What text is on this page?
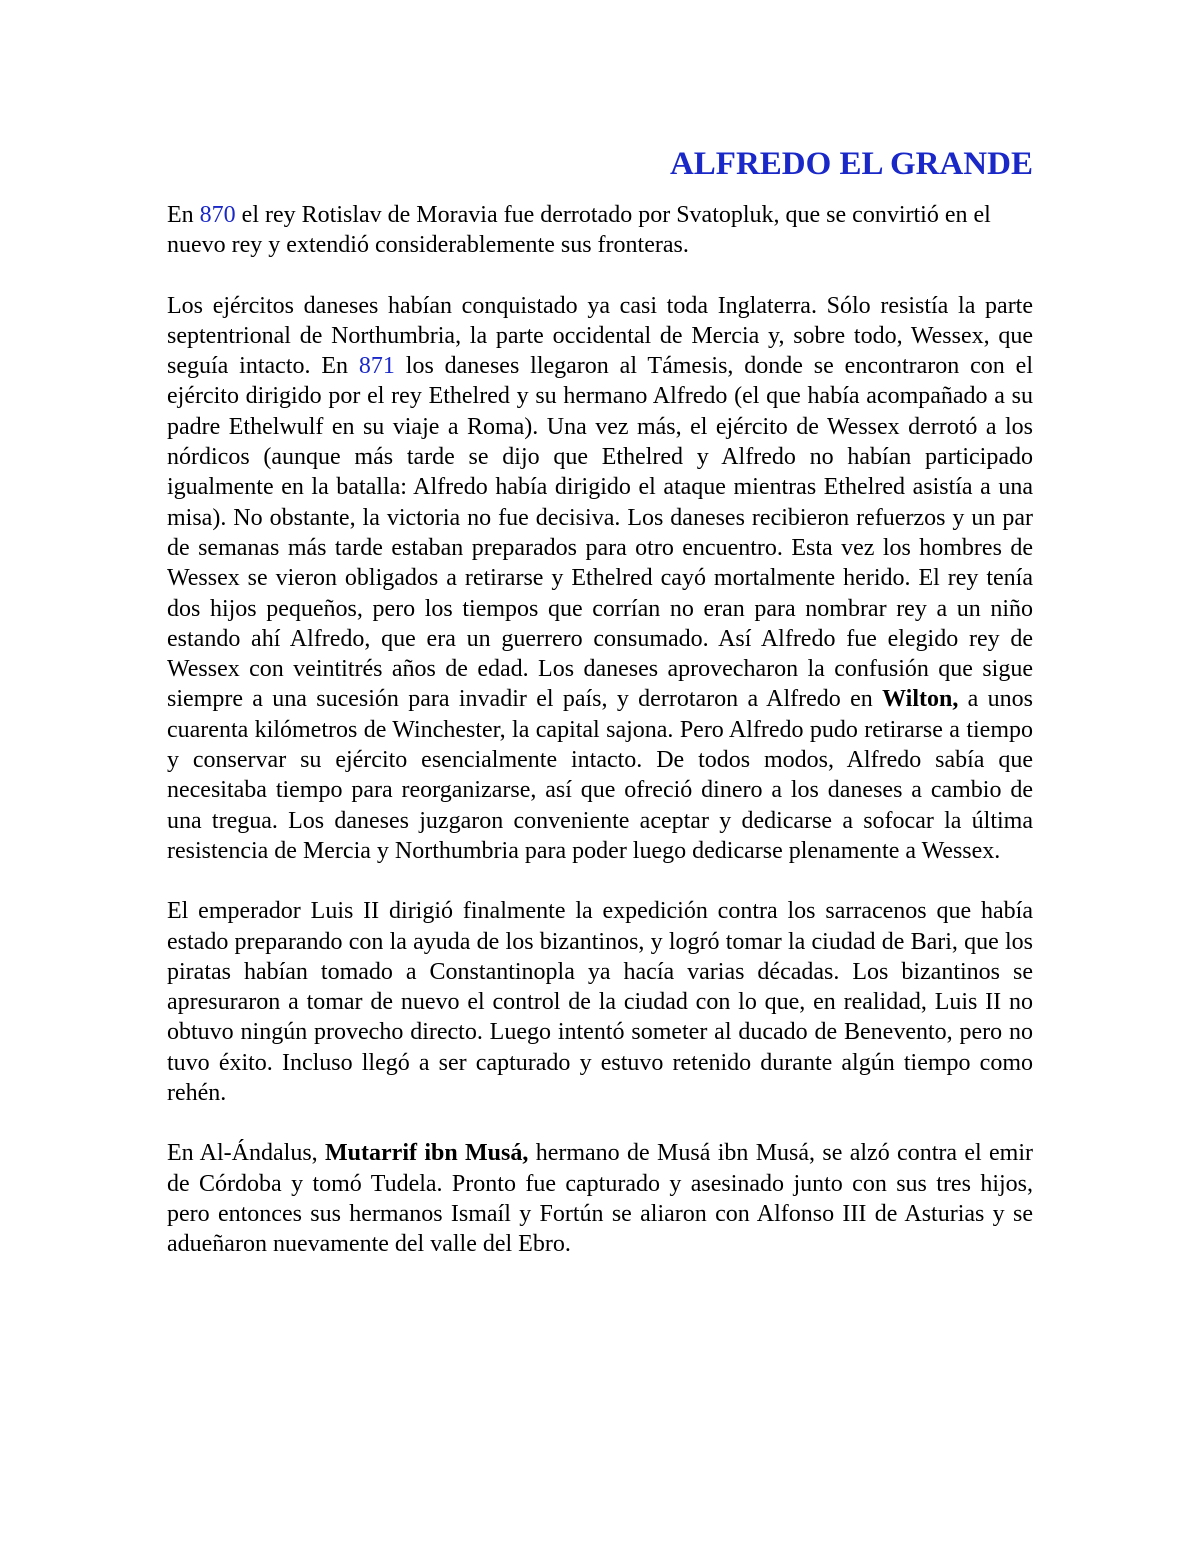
ALFREDO EL GRANDE

En 870 el rey Rotislav de Moravia fue derrotado por Svatopluk, que se convirtió en el nuevo rey y extendió considerablemente sus fronteras.

Los ejércitos daneses habían conquistado ya casi toda Inglaterra. Sólo resistía la parte septentrional de Northumbria, la parte occidental de Mercia y, sobre todo, Wessex, que seguía intacto. En 871 los daneses llegaron al Támesis, donde se encontraron con el ejército dirigido por el rey Ethelred y su hermano Alfredo (el que había acompañado a su padre Ethelwulf en su viaje a Roma). Una vez más, el ejército de Wessex derrotó a los nórdicos (aunque más tarde se dijo que Ethelred y Alfredo no habían participado igualmente en la batalla: Alfredo había dirigido el ataque mientras Ethelred asistía a una misa). No obstante, la victoria no fue decisiva. Los daneses recibieron refuerzos y un par de semanas más tarde estaban preparados para otro encuentro. Esta vez los hombres de Wessex se vieron obligados a retirarse y Ethelred cayó mortalmente herido. El rey tenía dos hijos pequeños, pero los tiempos que corrían no eran para nombrar rey a un niño estando ahí Alfredo, que era un guerrero consumado. Así Alfredo fue elegido rey de Wessex con veintitrés años de edad. Los daneses aprovecharon la confusión que sigue siempre a una sucesión para invadir el país, y derrotaron a Alfredo en Wilton, a unos cuarenta kilómetros de Winchester, la capital sajona. Pero Alfredo pudo retirarse a tiempo y conservar su ejército esencialmente intacto. De todos modos, Alfredo sabía que necesitaba tiempo para reorganizarse, así que ofreció dinero a los daneses a cambio de una tregua. Los daneses juzgaron conveniente aceptar y dedicarse a sofocar la última resistencia de Mercia y Northumbria para poder luego dedicarse plenamente a Wessex.

El emperador Luis II dirigió finalmente la expedición contra los sarracenos que había estado preparando con la ayuda de los bizantinos, y logró tomar la ciudad de Bari, que los piratas habían tomado a Constantinopla ya hacía varias décadas. Los bizantinos se apresuraron a tomar de nuevo el control de la ciudad con lo que, en realidad, Luis II no obtuvo ningún provecho directo. Luego intentó someter al ducado de Benevento, pero no tuvo éxito. Incluso llegó a ser capturado y estuvo retenido durante algún tiempo como rehén.

En Al-Ándalus, Mutarrif ibn Musá, hermano de Musá ibn Musá, se alzó contra el emir de Córdoba y tomó Tudela. Pronto fue capturado y asesinado junto con sus tres hijos, pero entonces sus hermanos Ismaíl y Fortún se aliaron con Alfonso III de Asturias y se adueñaron nuevamente del valle del Ebro.
